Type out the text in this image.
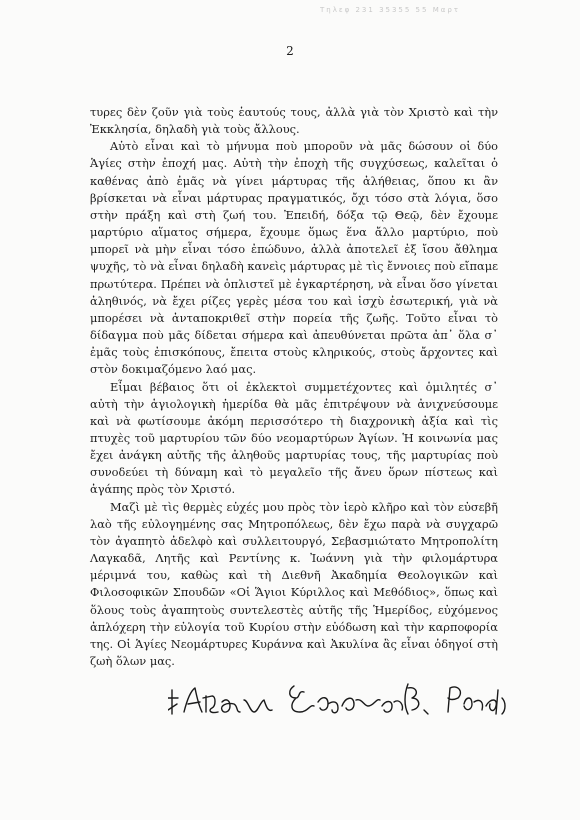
Τηλεφ 231 35355 55 Μαρτ
2

τυρες δὲν ζοῦν γιὰ τοὺς ἑαυτούς τους, ἀλλὰ γιὰ τὸν Χριστὸ καὶ τὴν Ἐκκλησία, δηλαδὴ γιὰ τοὺς ἄλλους.

Αὐτὸ εἶναι καὶ τὸ μήνυμα ποὺ μποροῦν νὰ μᾶς δώσουν οἱ δύο Ἁγίες στὴν ἐποχή μας. Αὐτὴ τὴν ἐποχὴ τῆς συγχύσεως, καλεῖται ὁ καθένας ἀπὸ ἐμᾶς νὰ γίνει μάρτυρας τῆς ἀλήθειας, ὅπου κι ἂν βρίσκεται νὰ εἶναι μάρτυρας πραγματικός, ὄχι τόσο στὰ λόγια, ὅσο στὴν πράξη καὶ στὴ ζωή του. Ἐπειδή, δόξα τῷ Θεῷ, δὲν ἔχουμε μαρτύριο αἵματος σήμερα, ἔχουμε ὅμως ἕνα ἄλλο μαρτύριο, ποὺ μπορεῖ νὰ μὴν εἶναι τόσο ἐπώδυνο, ἀλλὰ ἀποτελεῖ ἐξ ἴσου ἄθλημα ψυχῆς, τὸ νὰ εἶναι δηλαδὴ κανεὶς μάρτυρας μὲ τὶς ἔννοιες ποὺ εἴπαμε πρωτύτερα. Πρέπει νὰ ὁπλιστεῖ μὲ ἐγκαρτέρηση, νὰ εἶναι ὅσο γίνεται ἀληθινός, νὰ ἔχει ρίζες γερὲς μέσα του καὶ ἰσχὺ ἐσωτερική, γιὰ νὰ μπορέσει νὰ ἀνταποκριθεῖ στὴν πορεία τῆς ζωῆς. Τοῦτο εἶναι τὸ δίδαγμα ποὺ μᾶς δίδεται σήμερα καὶ ἀπευθύνεται πρῶτα ἀπ᾽ ὅλα σ᾽ ἐμᾶς τοὺς ἐπισκόπους, ἔπειτα στοὺς κληρικούς, στοὺς ἄρχοντες καὶ στὸν δοκιμαζόμενο λαό μας.

Εἶμαι βέβαιος ὅτι οἱ ἐκλεκτοὶ συμμετέχοντες καὶ ὁμιλητές σ᾽ αὐτὴ τὴν ἁγιολογικὴ ἡμερίδα θὰ μᾶς ἐπιτρέψουν νὰ ἀνιχνεύσουμε καὶ νὰ φωτίσουμε ἀκόμη περισσότερο τὴ διαχρονικὴ ἀξία καὶ τὶς πτυχὲς τοῦ μαρτυρίου τῶν δύο νεομαρτύρων Ἁγίων. Ἡ κοινωνία μας ἔχει ἀνάγκη αὐτῆς τῆς ἀληθοῦς μαρτυρίας τους, τῆς μαρτυρίας ποὺ συνοδεύει τὴ δύναμη καὶ τὸ μεγαλεῖο τῆς ἄνευ ὅρων πίστεως καὶ ἀγάπης πρὸς τὸν Χριστό.

Μαζὶ μὲ τὶς θερμὲς εὐχές μου πρὸς τὸν ἱερὸ κλῆρο καὶ τὸν εὐσεβῆ λαὸ τῆς εὐλογημένης σας Μητροπόλεως, δὲν ἔχω παρὰ νὰ συγχαρῶ τὸν ἀγαπητὸ ἀδελφὸ καὶ συλλειτουργό, Σεβασμιώτατο Μητροπολίτη Λαγκαδᾶ, Λητῆς καὶ Ρεντίνης κ. Ἰωάννη γιὰ τὴν φιλομάρτυρα μέριμνά του, καθὼς καὶ τὴ Διεθνῆ Ἀκαδημία Θεολογικῶν καὶ Φιλοσοφικῶν Σπουδῶν «Οἱ Ἅγιοι Κύριλλος καὶ Μεθόδιος», ὅπως καὶ ὅλους τοὺς ἀγαπητοὺς συντελεστὲς αὐτῆς τῆς Ἡμερίδος, εὐχόμενος ἀπλόχερη τὴν εὐλογία τοῦ Κυρίου στὴν εὐόδωση καὶ τὴν καρποφορία της. Οἱ Ἁγίες Νεομάρτυρες Κυράννα καὶ Ἀκυλίνα ἂς εἶναι ὁδηγοί στὴ ζωὴ ὅλων μας.
